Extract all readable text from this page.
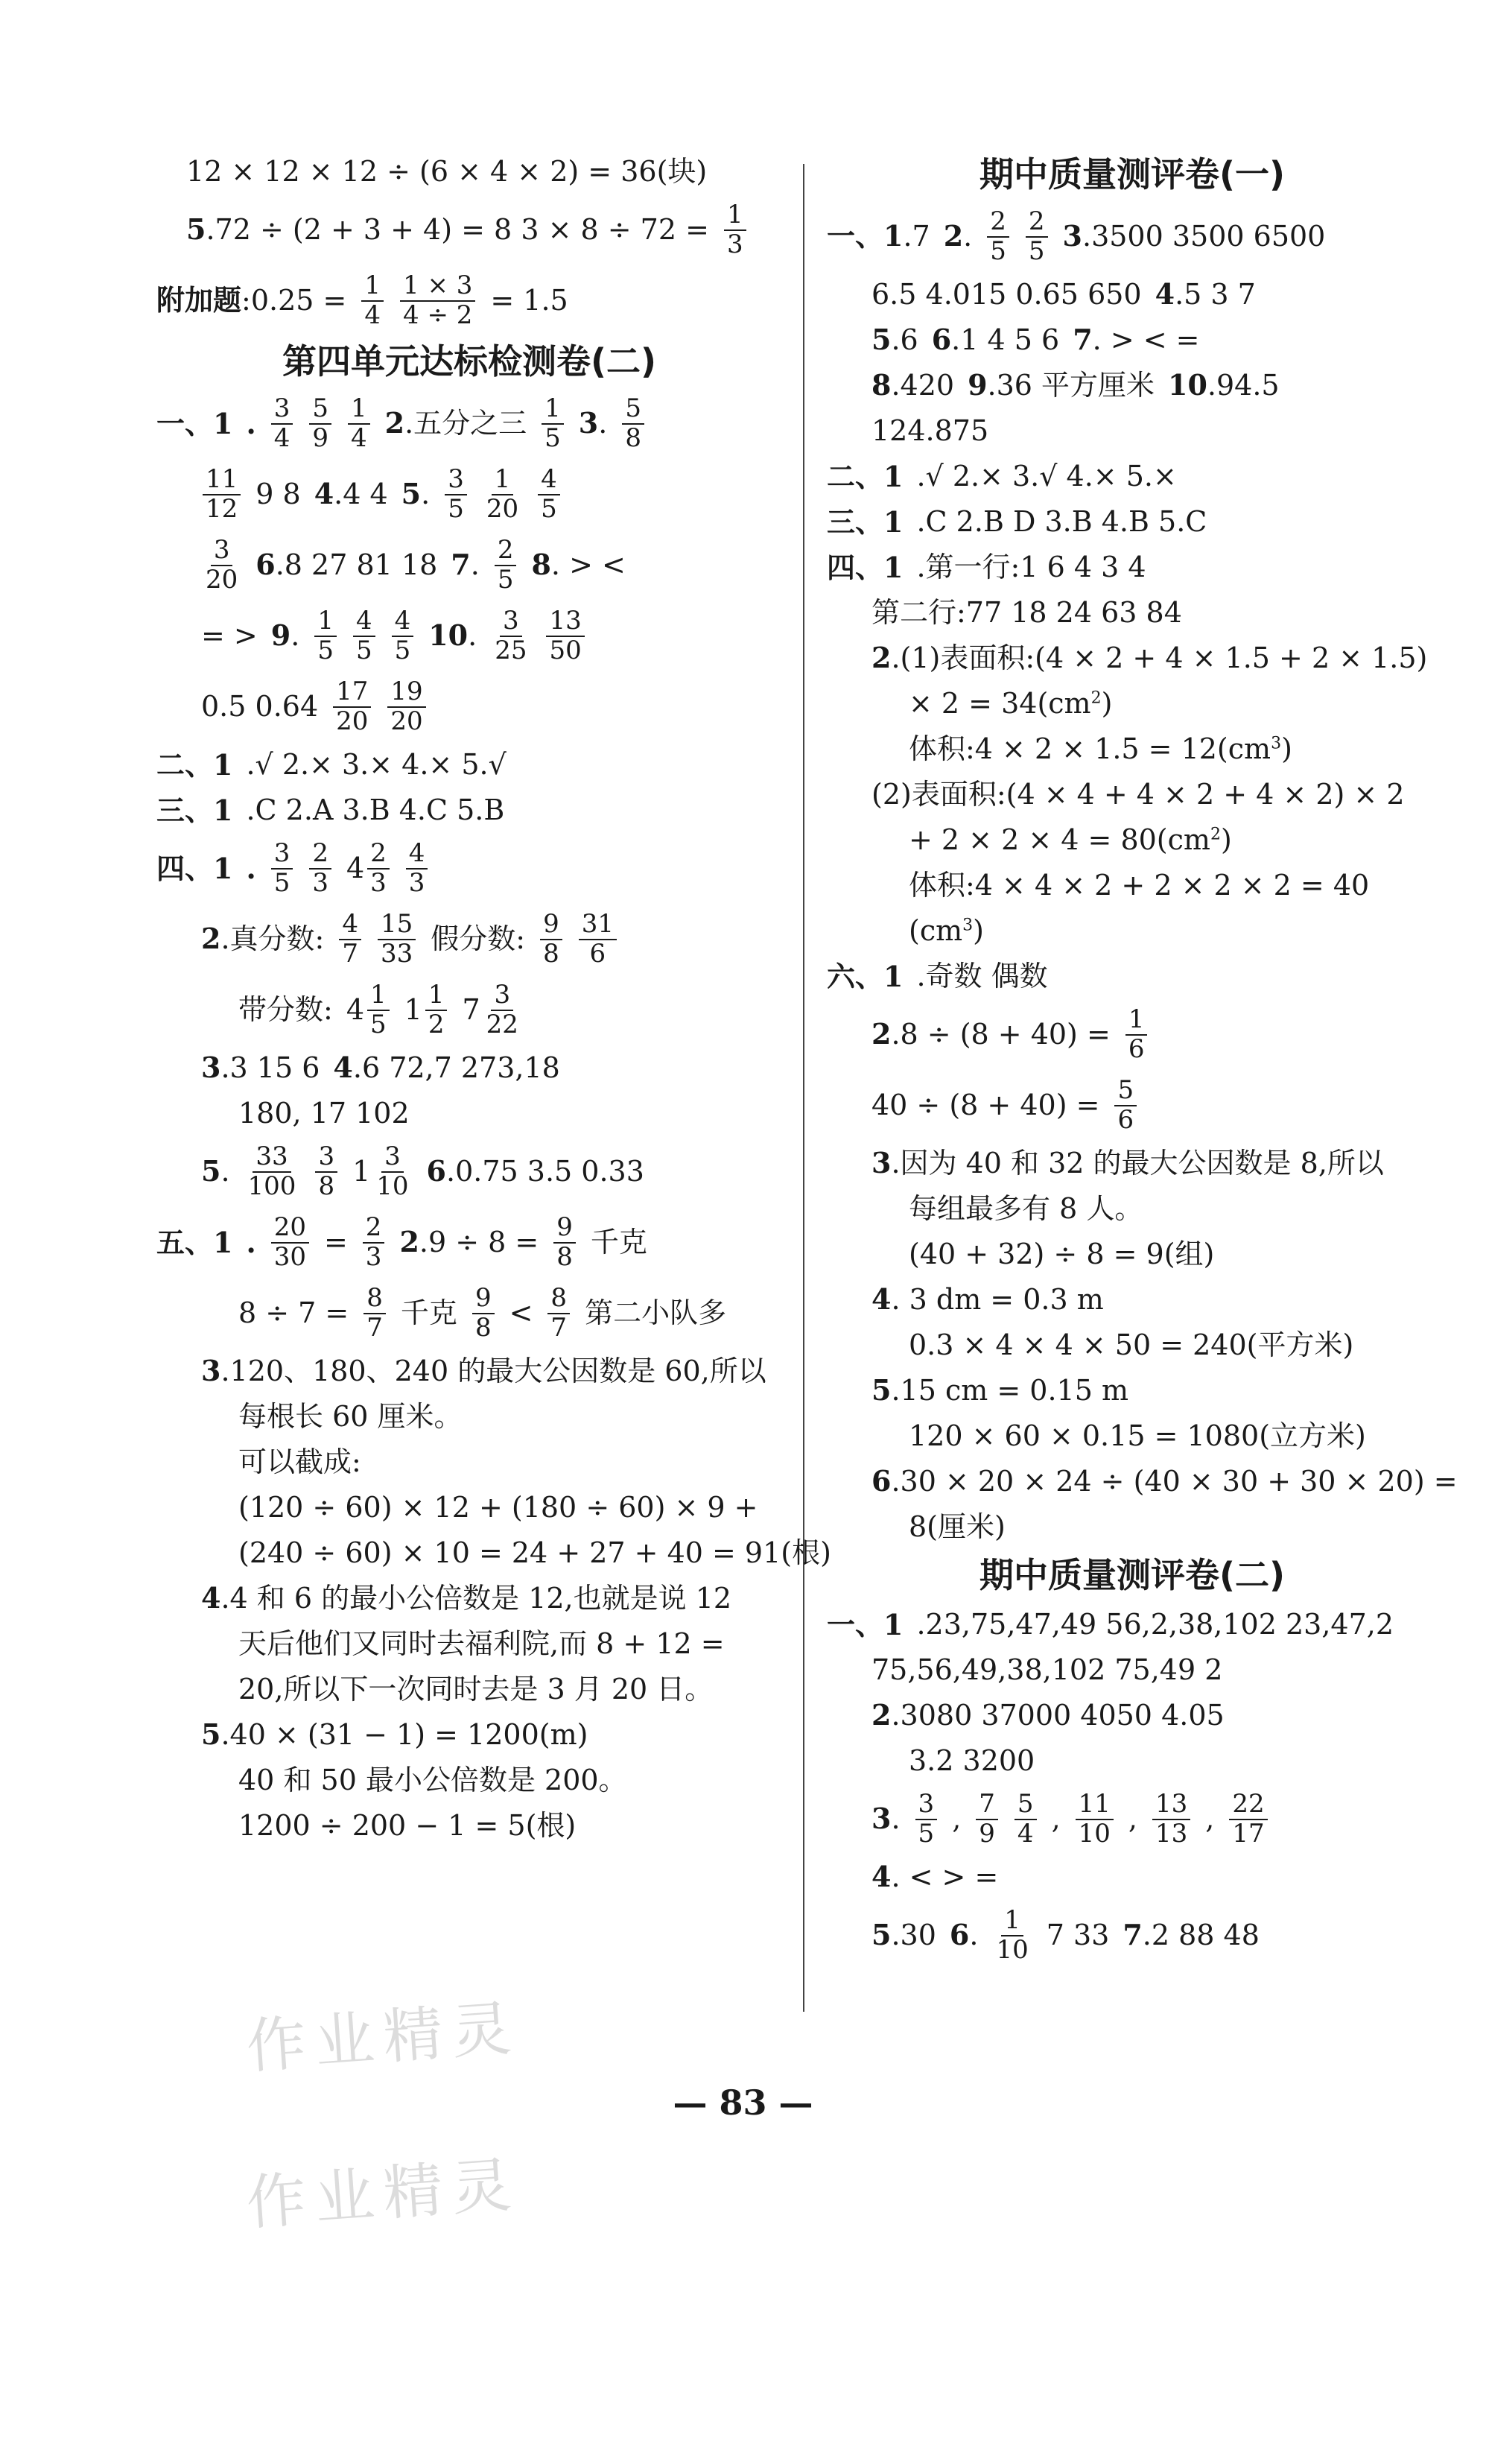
12 × 12 × 12 ÷ (6 × 4 × 2) = 36(块)
5.72 ÷ (2 + 3 + 4) = 8 $3 \times 8 \div 72 = \frac{1}{3}$
附加题:0.25 = $\frac{1}{4} \frac{1 \times 3}{4 \div 2} = 1.5$
第四单元达标检测卷(二)
一、1 . $\frac{3}{4} \frac{5}{9} \frac{1}{4} 2$.五分之三 $\frac{1}{5} 3$. $\frac{5}{8}$
$\frac{11}{12} 9$ 8 4.4 4 5. $\frac{3}{5} \frac{1}{20} \frac{4}{5}$
$\frac{3}{20} 6.8$ 27 81 18 7. $\frac{2}{5} 8$. > <
= > 9. $\frac{1}{5} \frac{4}{5} \frac{4}{5} 10$. $\frac{3}{25} \frac{13}{50}$
0.5 $0.64 \frac{17}{20} \frac{19}{20}$
二、1 .√ 2.× 3.× 4.× 5.√
三、1 .C 2.A 3.B 4.C 5.B
四、1 . $\frac{3}{5} \frac{2}{3} 4 \frac{2}{3} \frac{4}{3}$
2.真分数: $\frac{4}{7} \frac{15}{33}$ 假分数: $\frac{9}{8} \frac{31}{6}$
带分数: $4 \frac{1}{5} 1 \frac{1}{2} 7 \frac{3}{22}$
3.3 15 6 4.6 72,7 273,18
180, 17 102
5. $\frac{33}{100} \frac{3}{8} 1 \frac{3}{10} 6.0.75$ 3.5 0.33
五、1 . $\frac{20}{30} = \frac{2}{3} 2.9 \div 8 = \frac{9}{8}$ 千克
$8 \div 7 = \frac{8}{7}$ 千克 $\frac{9}{8} < \frac{8}{7}$ 第二小队多
3.120、180、240 的最大公因数是 60,所以
每根长 60 厘米。
可以截成:
(120 ÷ 60) × 12 + (180 ÷ 60) × 9 +
(240 ÷ 60) × 10 = 24 + 27 + 40 = 91(根)
4.4 和 6 的最小公倍数是 12,也就是说 12
天后他们又同时去福利院,而 8 + 12 =
20,所以下一次同时去是 3 月 20 日。
5.40 × (31 − 1) = 1200(m)
40 和 50 最小公倍数是 200。
1200 ÷ 200 − 1 = 5(根)
期中质量测评卷(一)
一、1.7 2. $\frac{2}{5} \frac{2}{5} 3.3500$ 3500 6500
6.5 4.015 0.65 650 4.5 3 7
5.6 6.1 4 5 6 7. > < =
8.420 9.36 平方厘米 10.94.5
124.875
二、1 .√ 2.× 3.√ 4.× 5.×
三、1 .C 2.B D 3.B 4.B 5.C
四、1 .第一行:1 6 4 3 4
第二行:77 18 24 63 84
2.(1)表面积:(4 × 2 + 4 × 1.5 + 2 × 1.5)
× $2 = 34(cm^2)$
体积:4 × $2 \times 1.5 = 12(cm^3)$
(2)表面积:(4 × 4 + 4 × 2 + 4 × 2) × 2
+ $2 \times 2 \times 4 = 80(cm^2)$
体积:4 × 4 × 2 + 2 × 2 × 2 = 40
$(cm^3)$
六、1 .奇数 偶数
$2.8 \div (8 + 40) = \frac{1}{6}$
$40 \div (8 + 40) = \frac{5}{6}$
3.因为 40 和 32 的最大公因数是 8,所以
每组最多有 8 人。
(40 + 32) ÷ 8 = 9(组)
4. 3 dm = 0.3 m
0.3 × 4 × 4 × 50 = 240(平方米)
5.15 cm = 0.15 m
120 × 60 × 0.15 = 1080(立方米)
6.30 × 20 × 24 ÷ (40 × 30 + 30 × 20) =
8(厘米)
期中质量测评卷(二)
一、1 .23,75,47,49 56,2,38,102 23,47,2
75,56,49,38,102 75,49 2
2.3080 37000 4050 4.05
3.2 3200
3. $\frac{3}{5}$ , $\frac{7}{9} \frac{5}{4}$ , $\frac{11}{10}$ , $\frac{13}{13}$ , $\frac{22}{17}$
4. < > =
5.30 6. $\frac{1}{10} 7$ 33 7.2 88 48
作业精灵
作业精灵
— 83 —
